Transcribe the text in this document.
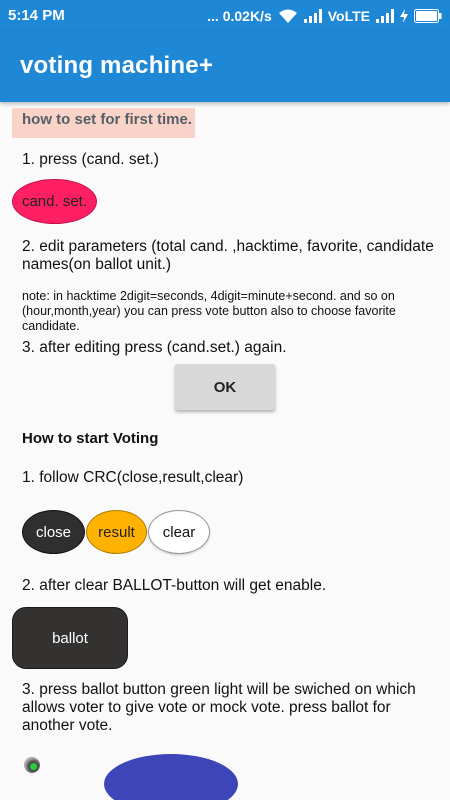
5:14 PM	... 0.02K/s	VoLTE
voting machine+
how to set for first time.
1. press (cand. set.)
cand. set.
2. edit parameters (total cand. ,hacktime, favorite, candidate
names(on ballot unit.)
note: in hacktime 2digit=seconds, 4digit=minute+second. and so on
(hour,month,year) you can press vote button also to choose favorite
candidate.
3. after editing press (cand.set.) again.
OK
How to start Voting
1. follow CRC(close,result,clear)
close result clear
2. after clear BALLOT-button will get enable.
ballot
3. press ballot button green light will be swiched on which
allows voter to give vote or mock vote. press ballot for
another vote.
